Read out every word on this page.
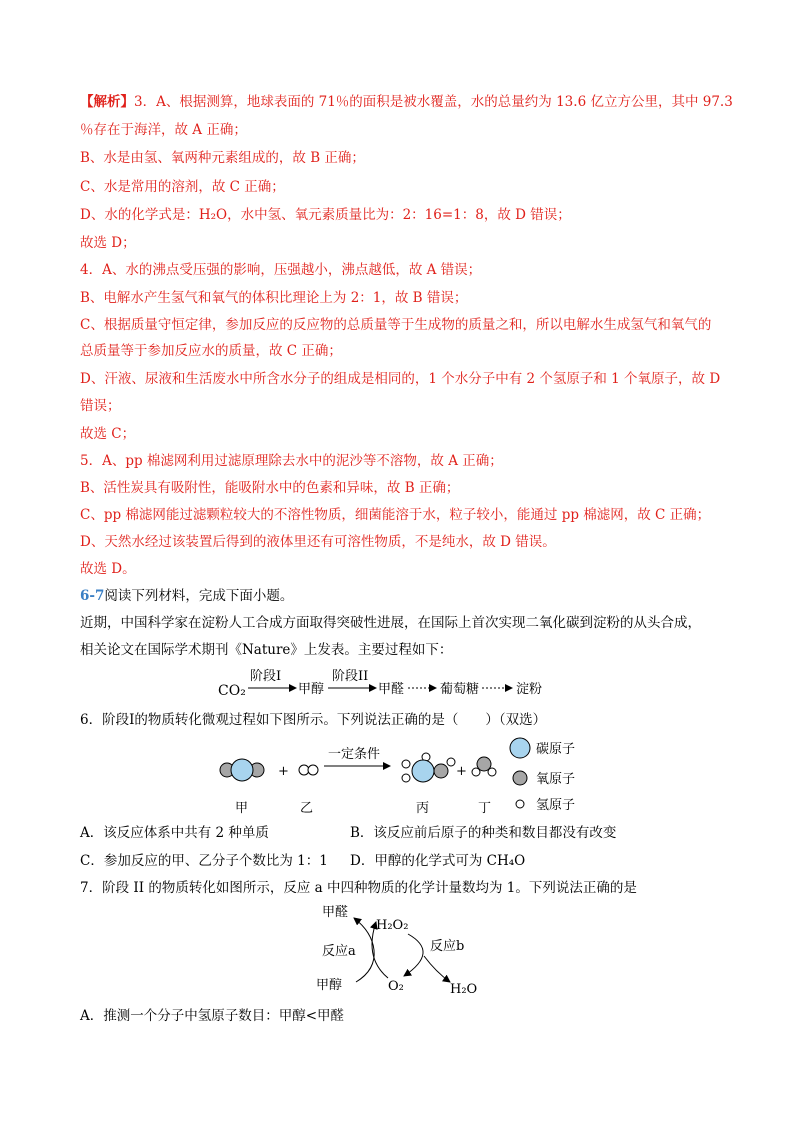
【解析】3．A、根据测算，地球表面的 71％的面积是被水覆盖，水的总量约为 13.6 亿立方公里，其中 97.3
％存在于海洋，故 A 正确；
B、水是由氢、氧两种元素组成的，故 B 正确；
C、水是常用的溶剂，故 C 正确；
D、水的化学式是：H₂O，水中氢、氧元素质量比为：2：16=1：8，故 D 错误；
故选 D；
4．A、水的沸点受压强的影响，压强越小，沸点越低，故 A 错误；
B、电解水产生氢气和氧气的体积比理论上为 2：1，故 B 错误；
C、根据质量守恒定律，参加反应的反应物的总质量等于生成物的质量之和，所以电解水生成氢气和氧气的
总质量等于参加反应水的质量，故 C 正确；
D、汗液、尿液和生活废水中所含水分子的组成是相同的，1 个水分子中有 2 个氢原子和 1 个氧原子，故 D
错误；
故选 C；
5．A、pp 棉滤网利用过滤原理除去水中的泥沙等不溶物，故 A 正确；
B、活性炭具有吸附性，能吸附水中的色素和异味，故 B 正确；
C、pp 棉滤网能过滤颗粒较大的不溶性物质，细菌能溶于水，粒子较小，能通过 pp 棉滤网，故 C 正确；
D、天然水经过该装置后得到的液体里还有可溶性物质，不是纯水，故 D 错误。
故选 D。
6-7阅读下列材料，完成下面小题。
近期，中国科学家在淀粉人工合成方面取得突破性进展，在国际上首次实现二氧化碳到淀粉的从头合成，
相关论文在国际学术期刊《Nature》上发表。主要过程如下：
CO₂
阶段I
甲醇
阶段II
甲醛	葡萄糖	淀粉
6．阶段I的物质转化微观过程如下图所示。下列说法正确的是（　　）（双选）
+
一定条件
+
甲	乙	丙	丁
碳原子
氧原子
氢原子
A．该反应体系中共有 2 种单质	B．该反应前后原子的种类和数目都没有改变
C．参加反应的甲、乙分子个数比为 1：1 D．甲醇的化学式可为 CH₄O
7．阶段 II 的物质转化如图所示，反应 a 中四种物质的化学计量数均为 1。下列说法正确的是
甲醛
H₂O₂
反应a	反应b
甲醇	O₂	H₂O
A．推测一个分子中氢原子数目：甲醇<甲醛
